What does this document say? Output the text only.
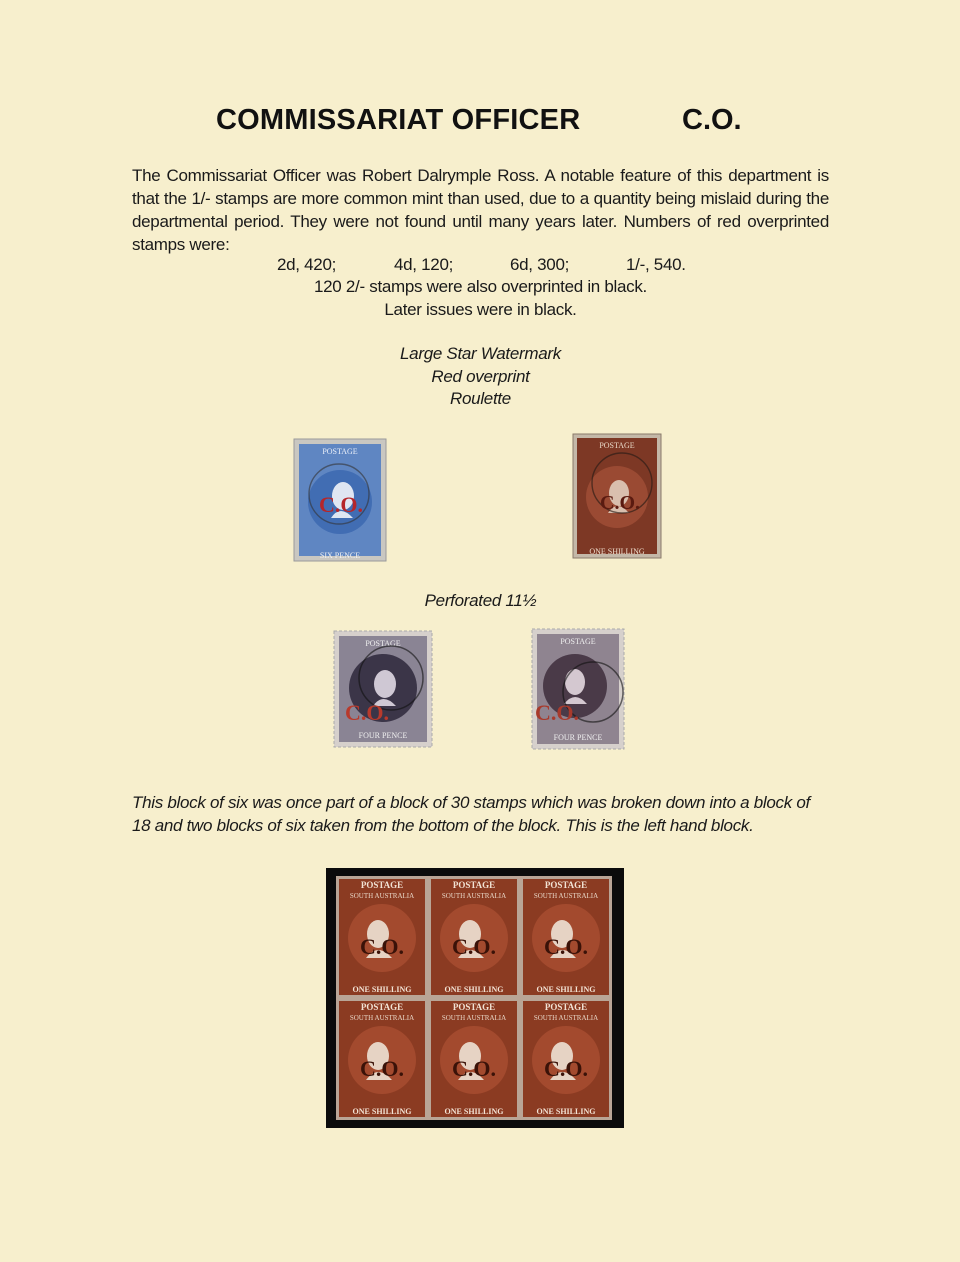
COMMISSARIAT OFFICER	C.O.
The Commissariat Officer was Robert Dalrymple Ross. A notable feature of this department is that the 1/- stamps are more common mint than used, due to a quantity being mislaid during the departmental period. They were not found until many years later. Numbers of red overprinted stamps were:
2d, 420;	4d, 120;	6d, 300;	1/-, 540.
120 2/- stamps were also overprinted in black.
Later issues were in black.
Large Star Watermark
Red overprint
Roulette
POSTAGE
SIX PENCE
C.O.
POSTAGE
ONE SHILLING
C.O.
Perforated 11½
POSTAGE
FOUR PENCE
C.O.
POSTAGE
FOUR PENCE
C.O.
This block of six was once part of a block of 30 stamps which was broken down into a block of 18 and two blocks of six taken from the bottom of the block. This is the left hand block.
POSTAGE
SOUTH AUSTRALIA
C.O.
ONE SHILLING
POSTAGE
SOUTH AUSTRALIA
C.O.
ONE SHILLING
POSTAGE
SOUTH AUSTRALIA
C.O.
ONE SHILLING
POSTAGE
SOUTH AUSTRALIA
C.O.
ONE SHILLING
POSTAGE
SOUTH AUSTRALIA
C.O.
ONE SHILLING
POSTAGE
SOUTH AUSTRALIA
C.O.
ONE SHILLING
